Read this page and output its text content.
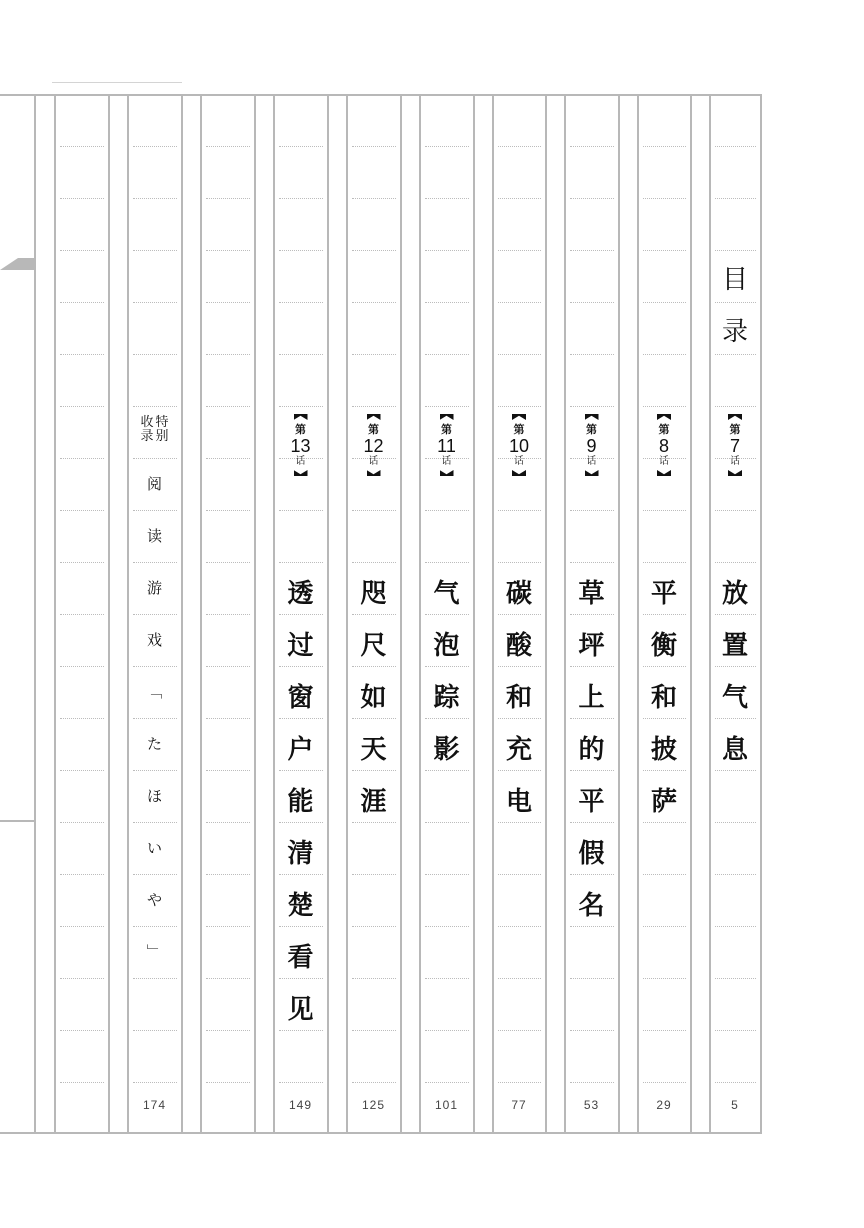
目
录
第
7
话
放
置
气
息
5
第
8
话
平
衡
和
披
萨
29
第
9
话
草
坪
上
的
平
假
名
53
第
10
话
碳
酸
和
充
电
77
第
11
话
气
泡
踪
影
101
第
12
话
咫
尺
如
天
涯
125
第
13
话
透
过
窗
户
能
清
楚
看
见
149
特
别
收
录
阅
读
游
戏
﹁
た
ほ
い
や
﹂
174
